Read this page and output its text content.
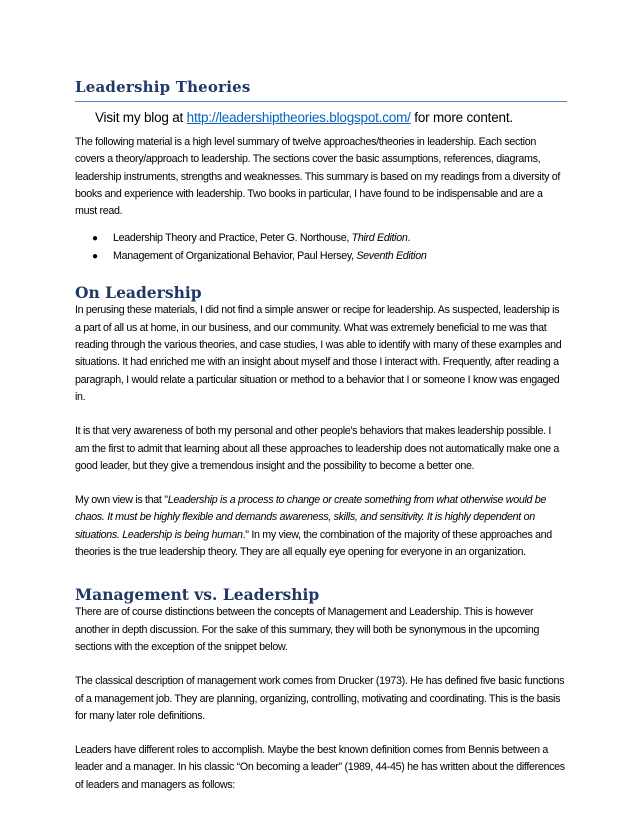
Leadership Theories
Visit my blog at http://leadershiptheories.blogspot.com/ for more content.

The following material is a high level summary of twelve approaches/theories in leadership. Each section covers a theory/approach to leadership. The sections cover the basic assumptions, references, diagrams, leadership instruments, strengths and weaknesses. This summary is based on my readings from a diversity of books and experience with leadership. Two books in particular, I have found to be indispensable and are a must read.

● Leadership Theory and Practice, Peter G. Northouse, Third Edition.
● Management of Organizational Behavior, Paul Hersey, Seventh Edition
On Leadership

In perusing these materials, I did not find a simple answer or recipe for leadership. As suspected, leadership is a part of all us at home, in our business, and our community. What was extremely beneficial to me was that reading through the various theories, and case studies, I was able to identify with many of these examples and situations. It had enriched me with an insight about myself and those I interact with. Frequently, after reading a paragraph, I would relate a particular situation or method to a behavior that I or someone I know was engaged in.

It is that very awareness of both my personal and other people's behaviors that makes leadership possible. I am the first to admit that learning about all these approaches to leadership does not automatically make one a good leader, but they give a tremendous insight and the possibility to become a better one.

My own view is that "Leadership is a process to change or create something from what otherwise would be chaos. It must be highly flexible and demands awareness, skills, and sensitivity. It is highly dependent on situations. Leadership is being human." In my view, the combination of the majority of these approaches and theories is the true leadership theory. They are all equally eye opening for everyone in an organization.

Management vs. Leadership

There are of course distinctions between the concepts of Management and Leadership. This is however another in depth discussion. For the sake of this summary, they will both be synonymous in the upcoming sections with the exception of the snippet below.

The classical description of management work comes from Drucker (1973). He has defined five basic functions of a management job. They are planning, organizing, controlling, motivating and coordinating. This is the basis for many later role definitions.

Leaders have different roles to accomplish. Maybe the best known definition comes from Bennis between a leader and a manager. In his classic “On becoming a leader” (1989, 44-45) he has written about the differences of leaders and managers as follows:
